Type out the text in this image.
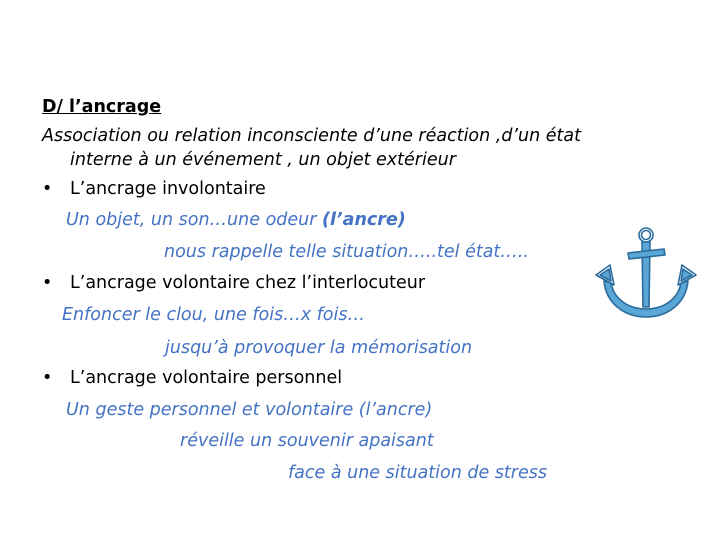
D/ l’ancrage
Association ou relation inconsciente d’une réaction ,d’un état
interne à un événement , un objet extérieur
• L’ancrage involontaire
Un objet, un son…une odeur (l’ancre)
nous rappelle telle situation…..tel état…..
• L’ancrage volontaire chez l’interlocuteur
Enfoncer le clou, une fois…x fois…
jusqu’à provoquer la mémorisation
• L’ancrage volontaire personnel
Un geste personnel et volontaire (l’ancre)
réveille un souvenir apaisant
face à une situation de stress
